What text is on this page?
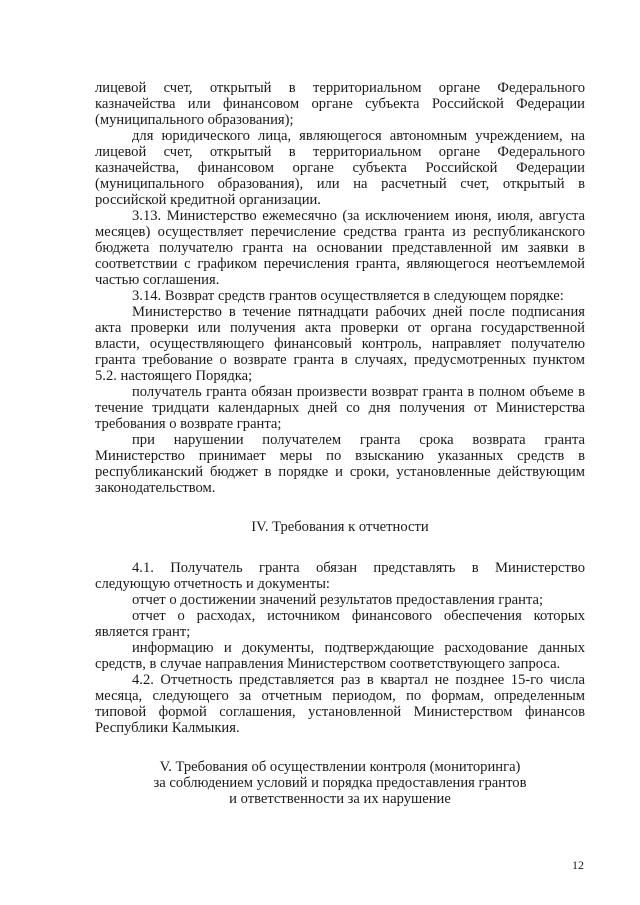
лицевой счет, открытый в территориальном органе Федерального казначейства или финансовом органе субъекта Российской Федерации (муниципального образования);

для юридического лица, являющегося автономным учреждением, на лицевой счет, открытый в территориальном органе Федерального казначейства, финансовом органе субъекта Российской Федерации (муниципального образования), или на расчетный счет, открытый в российской кредитной организации.

3.13. Министерство ежемесячно (за исключением июня, июля, августа месяцев) осуществляет перечисление средства гранта из республиканского бюджета получателю гранта на основании представленной им заявки в соответствии с графиком перечисления гранта, являющегося неотъемлемой частью соглашения.

3.14. Возврат средств грантов осуществляется в следующем порядке:

Министерство в течение пятнадцати рабочих дней после подписания акта проверки или получения акта проверки от органа государственной власти, осуществляющего финансовый контроль, направляет получателю гранта требование о возврате гранта в случаях, предусмотренных пунктом 5.2. настоящего Порядка;

получатель гранта обязан произвести возврат гранта в полном объеме в течение тридцати календарных дней со дня получения от Министерства требования о возврате гранта;

при нарушении получателем гранта срока возврата гранта Министерство принимает меры по взысканию указанных средств в республиканский бюджет в порядке и сроки, установленные действующим законодательством.

IV. Требования к отчетности

4.1. Получатель гранта обязан представлять в Министерство следующую отчетность и документы:

отчет о достижении значений результатов предоставления гранта;

отчет о расходах, источником финансового обеспечения которых является грант;

информацию и документы, подтверждающие расходование данных средств, в случае направления Министерством соответствующего запроса.

4.2. Отчетность представляется раз в квартал не позднее 15-го числа месяца, следующего за отчетным периодом, по формам, определенным типовой формой соглашения, установленной Министерством финансов Республики Калмыкия.

V. Требования об осуществлении контроля (мониторинга)
за соблюдением условий и порядка предоставления грантов
и ответственности за их нарушение
12
